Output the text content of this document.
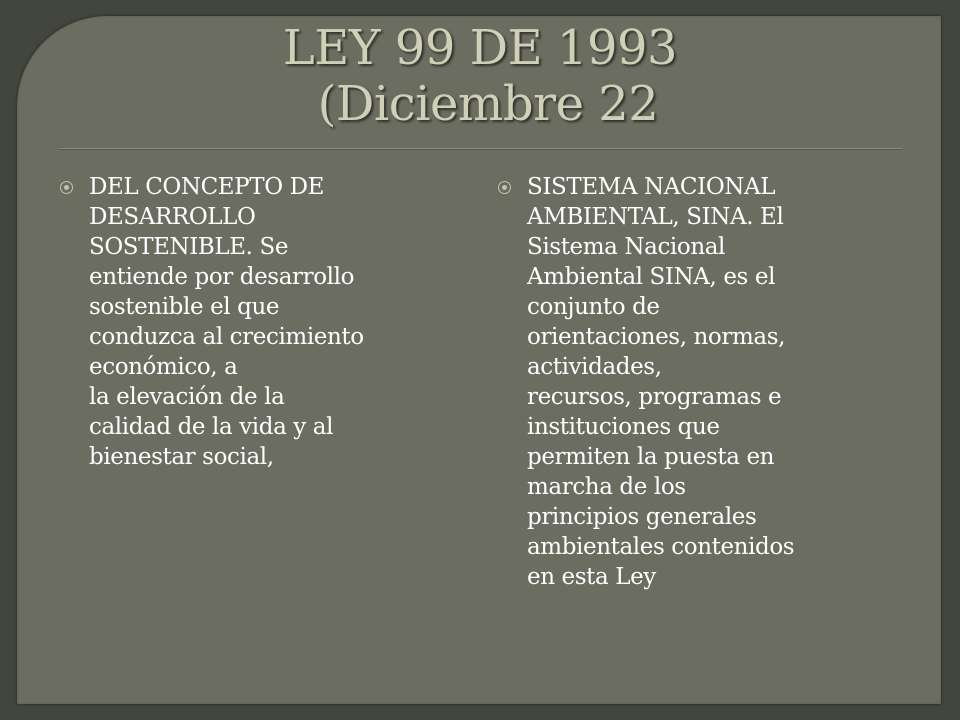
LEY 99 DE 1993
(Diciembre 22
DEL CONCEPTO DE
DESARROLLO
SOSTENIBLE. Se
entiende por desarrollo
sostenible el que
conduzca al crecimiento
económico, a
la elevación de la
calidad de la vida y al
bienestar social,
SISTEMA NACIONAL
AMBIENTAL, SINA. El
Sistema Nacional
Ambiental SINA, es el
conjunto de
orientaciones, normas,
actividades,
recursos, programas e
instituciones que
permiten la puesta en
marcha de los
principios generales
ambientales contenidos
en esta Ley
